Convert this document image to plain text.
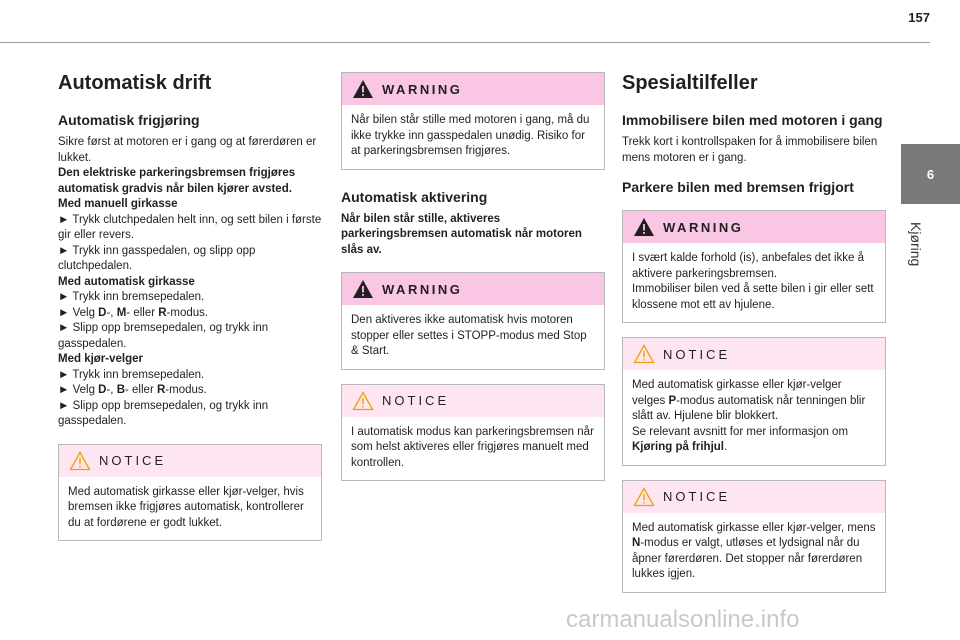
157
6
Kjøring
Automatisk drift
Automatisk frigjøring

Sikre først at motoren er i gang og at førerdøren er lukket.

Den elektriske parkeringsbremsen frigjøres automatisk gradvis når bilen kjører avsted.

Med manuell girkasse

► Trykk clutchpedalen helt inn, og sett bilen i første gir eller revers.

► Trykk inn gasspedalen, og slipp opp clutchpedalen.

Med automatisk girkasse

► Trykk inn bremsepedalen.

► Velg D-, M- eller R-modus.

► Slipp opp bremsepedalen, og trykk inn gasspedalen.

Med kjør-velger

► Trykk inn bremsepedalen.

► Velg D-, B- eller R-modus.

► Slipp opp bremsepedalen, og trykk inn gasspedalen.

NOTICE
Med automatisk girkasse eller kjør-velger, hvis bremsen ikke frigjøres automatisk, kontrollerer du at fordørene er godt lukket.
WARNING
Når bilen står stille med motoren i gang, må du ikke trykke inn gasspedalen unødig. Risiko for at parkeringsbremsen frigjøres.
Automatisk aktivering

Når bilen står stille, aktiveres parkeringsbremsen automatisk når motoren slås av.

WARNING
Den aktiveres ikke automatisk hvis motoren stopper eller settes i STOPP-modus med Stop & Start.
NOTICE
I automatisk modus kan parkeringsbremsen når som helst aktiveres eller frigjøres manuelt med kontrollen.
Spesialtilfeller
Immobilisere bilen med motoren i gang

Trekk kort i kontrollspaken for å immobilisere bilen mens motoren er i gang.

Parkere bilen med bremsen frigjort
WARNING
I svært kalde forhold (is), anbefales det ikke å aktivere parkeringsbremsen.
Immobiliser bilen ved å sette bilen i gir eller sett klossene mot ett av hjulene.
NOTICE
Med automatisk girkasse eller kjør-velger velges P-modus automatisk når tenningen blir slått av. Hjulene blir blokkert.
Se relevant avsnitt for mer informasjon om Kjøring på frihjul.
NOTICE
Med automatisk girkasse eller kjør-velger, mens N-modus er valgt, utløses et lydsignal når du åpner førerdøren. Det stopper når førerdøren lukkes igjen.
carmanualsonline.info
